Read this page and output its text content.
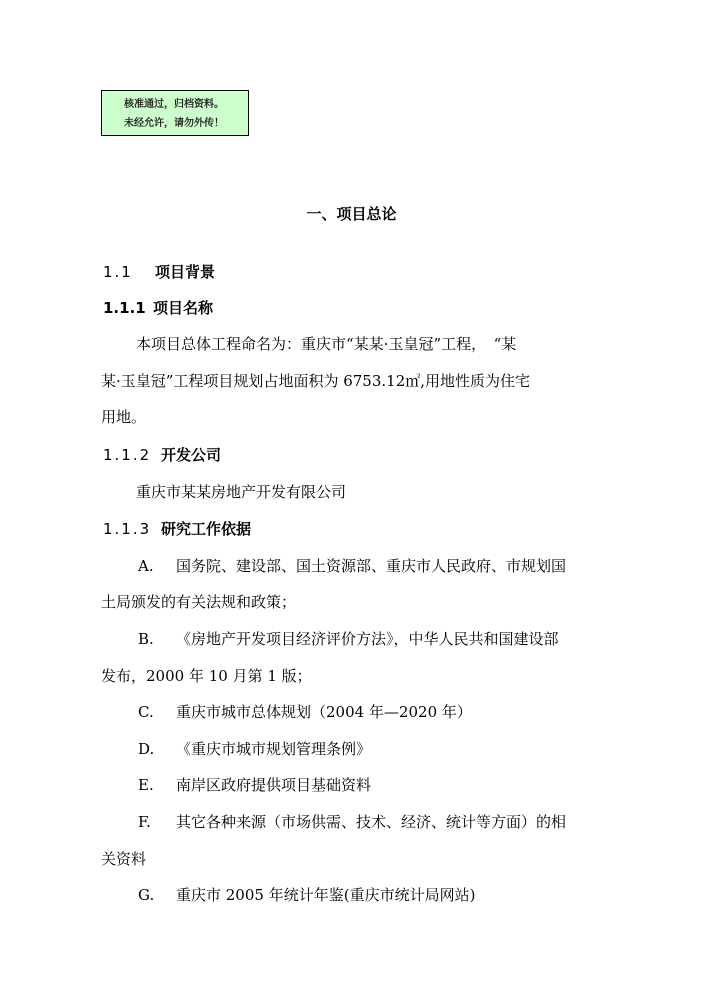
核准通过，归档资料。
未经允许，请勿外传！
一、项目总论
1.1 项目背景
1.1.1 项目名称
本项目总体工程命名为：重庆市“某某·玉皇冠”工程，　“某
某·玉皇冠”工程项目规划占地面积为 6753.12㎡,用地性质为住宅
用地。
1.1.2 开发公司
重庆市某某房地产开发有限公司
1.1.3 研究工作依据
A. 国务院、建设部、国土资源部、重庆市人民政府、市规划国
土局颁发的有关法规和政策；
B. 《房地产开发项目经济评价方法》，中华人民共和国建设部
发布，2000 年 10 月第 1 版；
C. 重庆市城市总体规划（2004 年—2020 年）
D. 《重庆市城市规划管理条例》
E. 南岸区政府提供项目基础资料
F. 其它各种来源（市场供需、技术、经济、统计等方面）的相
关资料
G. 重庆市 2005 年统计年鉴(重庆市统计局网站)
